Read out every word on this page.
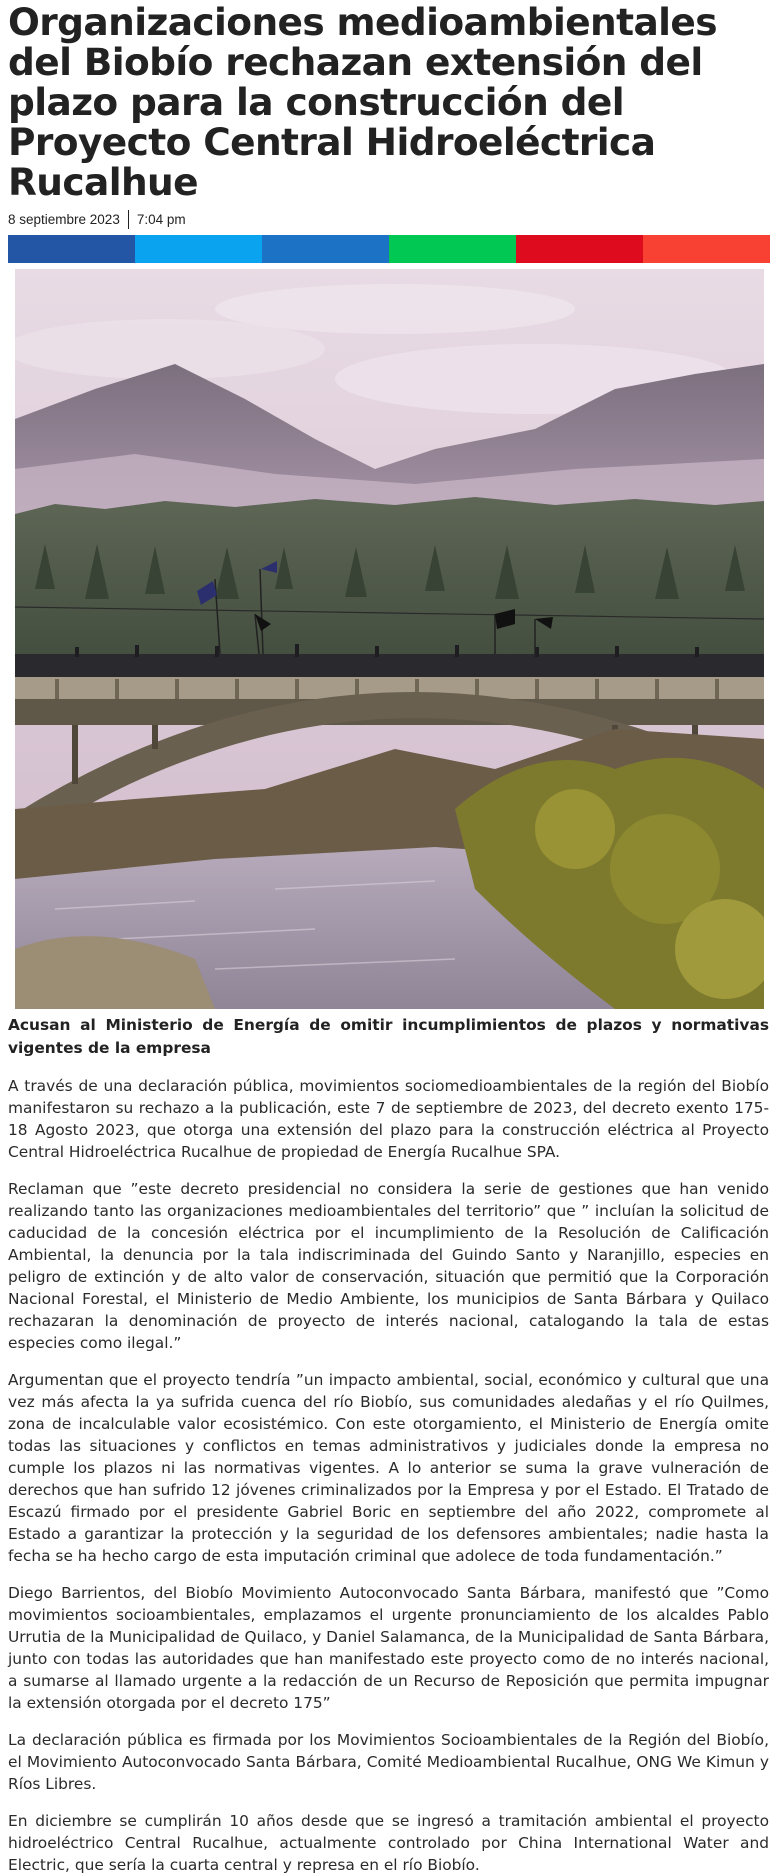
Organizaciones medioambientales del Biobío rechazan extensión del plazo para la construcción del Proyecto Central Hidroeléctrica Rucalhue
8 septiembre 2023 7:04 pm
Acusan al Ministerio de Energía de omitir incumplimientos de plazos y normativas vigentes de la empresa

A través de una declaración pública, movimientos sociomedioambientales de la región del Biobío manifestaron su rechazo a la publicación, este 7 de septiembre de 2023, del decreto exento 175-18 Agosto 2023, que otorga una extensión del plazo para la construcción eléctrica al Proyecto Central Hidroeléctrica Rucalhue de propiedad de Energía Rucalhue SPA.

Reclaman que ”este decreto presidencial no considera la serie de gestiones que han venido realizando tanto las organizaciones medioambientales del territorio” que ” incluían la solicitud de caducidad de la concesión eléctrica por el incumplimiento de la Resolución de Calificación Ambiental, la denuncia por la tala indiscriminada del Guindo Santo y Naranjillo, especies en peligro de extinción y de alto valor de conservación, situación que permitió que la Corporación Nacional Forestal, el Ministerio de Medio Ambiente, los municipios de Santa Bárbara y Quilaco rechazaran la denominación de proyecto de interés nacional, catalogando la tala de estas especies como ilegal.”

Argumentan que el proyecto tendría ”un impacto ambiental, social, económico y cultural que una vez más afecta la ya sufrida cuenca del río Biobío, sus comunidades aledañas y el río Quilmes, zona de incalculable valor ecosistémico. Con este otorgamiento, el Ministerio de Energía omite todas las situaciones y conflictos en temas administrativos y judiciales donde la empresa no cumple los plazos ni las normativas vigentes. A lo anterior se suma la grave vulneración de derechos que han sufrido 12 jóvenes criminalizados por la Empresa y por el Estado. El Tratado de Escazú firmado por el presidente Gabriel Boric en septiembre del año 2022, compromete al Estado a garantizar la protección y la seguridad de los defensores ambientales; nadie hasta la fecha se ha hecho cargo de esta imputación criminal que adolece de toda fundamentación.”

Diego Barrientos, del Biobío Movimiento Autoconvocado Santa Bárbara, manifestó que ”Como movimientos socioambientales, emplazamos el urgente pronunciamiento de los alcaldes Pablo Urrutia de la Municipalidad de Quilaco, y Daniel Salamanca, de la Municipalidad de Santa Bárbara, junto con todas las autoridades que han manifestado este proyecto como de no interés nacional, a sumarse al llamado urgente a la redacción de un Recurso de Reposición que permita impugnar la extensión otorgada por el decreto 175”

La declaración pública es firmada por los Movimientos Socioambientales de la Región del Biobío, el Movimiento Autoconvocado Santa Bárbara, Comité Medioambiental Rucalhue, ONG We Kimun y Ríos Libres.

En diciembre se cumplirán 10 años desde que se ingresó a tramitación ambiental el proyecto hidroeléctrico Central Rucalhue, actualmente controlado por China International Water and Electric, que sería la cuarta central y represa en el río Biobío.
